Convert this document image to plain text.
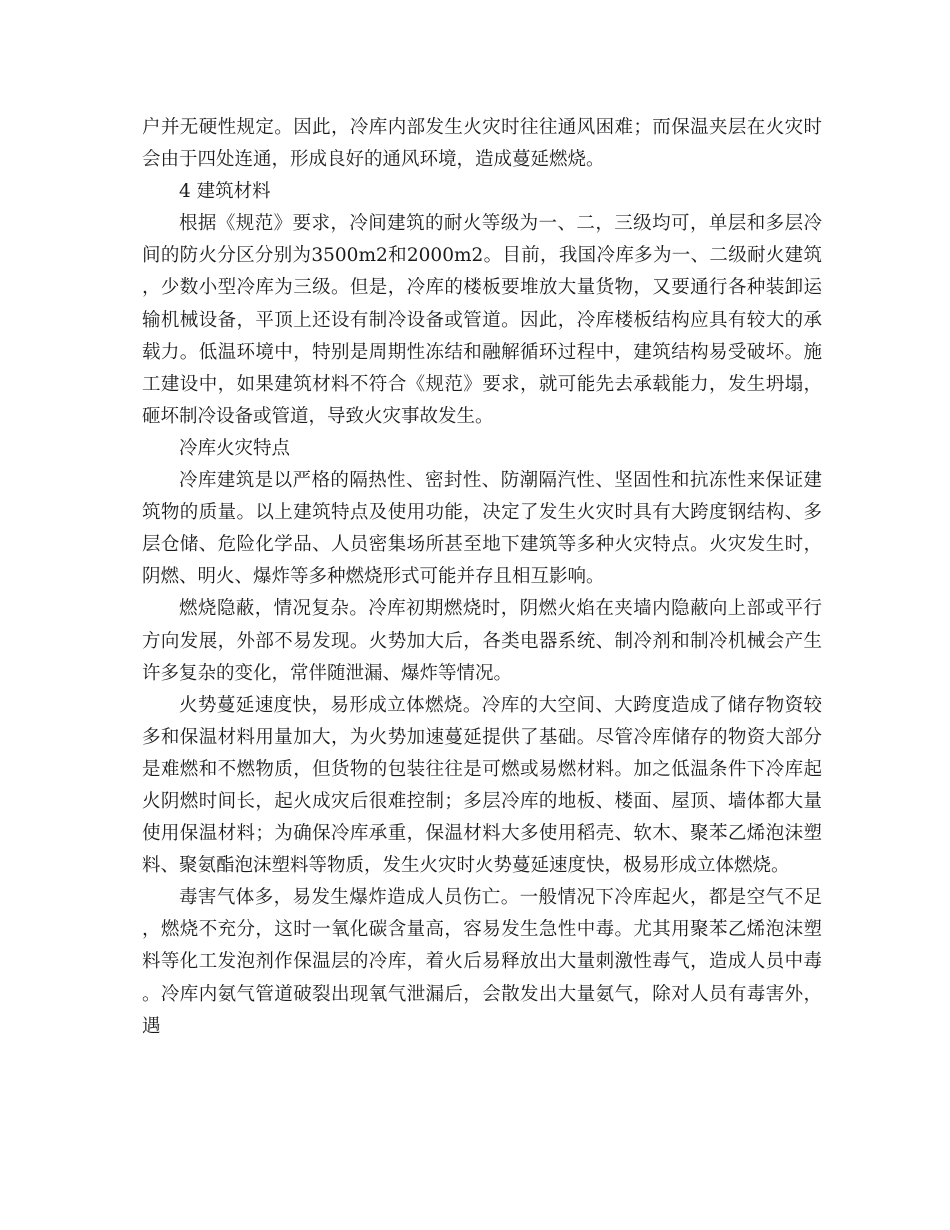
户并无硬性规定。因此，冷库内部发生火灾时往往通风困难；而保温夹层在火灾时会由于四处连通，形成良好的通风环境，造成蔓延燃烧。

4 建筑材料

根据《规范》要求，冷间建筑的耐火等级为一、二，三级均可，单层和多层冷间的防火分区分别为3500m2和2000m2。目前，我国冷库多为一、二级耐火建筑，少数小型冷库为三级。但是，冷库的楼板要堆放大量货物，又要通行各种装卸运输机械设备，平顶上还设有制冷设备或管道。因此，冷库楼板结构应具有较大的承载力。低温环境中，特别是周期性冻结和融解循环过程中，建筑结构易受破坏。施工建设中，如果建筑材料不符合《规范》要求，就可能先去承载能力，发生坍塌，砸坏制冷设备或管道，导致火灾事故发生。

冷库火灾特点

冷库建筑是以严格的隔热性、密封性、防潮隔汽性、坚固性和抗冻性来保证建筑物的质量。以上建筑特点及使用功能，决定了发生火灾时具有大跨度钢结构、多层仓储、危险化学品、人员密集场所甚至地下建筑等多种火灾特点。火灾发生时，阴燃、明火、爆炸等多种燃烧形式可能并存且相互影响。

燃烧隐蔽，情况复杂。冷库初期燃烧时，阴燃火焰在夹墙内隐蔽向上部或平行方向发展，外部不易发现。火势加大后，各类电器系统、制冷剂和制冷机械会产生许多复杂的变化，常伴随泄漏、爆炸等情况。

火势蔓延速度快，易形成立体燃烧。冷库的大空间、大跨度造成了储存物资较多和保温材料用量加大，为火势加速蔓延提供了基础。尽管冷库储存的物资大部分是难燃和不燃物质，但货物的包装往往是可燃或易燃材料。加之低温条件下冷库起火阴燃时间长，起火成灾后很难控制；多层冷库的地板、楼面、屋顶、墙体都大量使用保温材料；为确保冷库承重，保温材料大多使用稻壳、软木、聚苯乙烯泡沫塑料、聚氨酯泡沫塑料等物质，发生火灾时火势蔓延速度快，极易形成立体燃烧。

毒害气体多，易发生爆炸造成人员伤亡。一般情况下冷库起火，都是空气不足，燃烧不充分，这时一氧化碳含量高，容易发生急性中毒。尤其用聚苯乙烯泡沫塑料等化工发泡剂作保温层的冷库，着火后易释放出大量刺激性毒气，造成人员中毒。冷库内氨气管道破裂出现氧气泄漏后，会散发出大量氨气，除对人员有毒害外，遇
